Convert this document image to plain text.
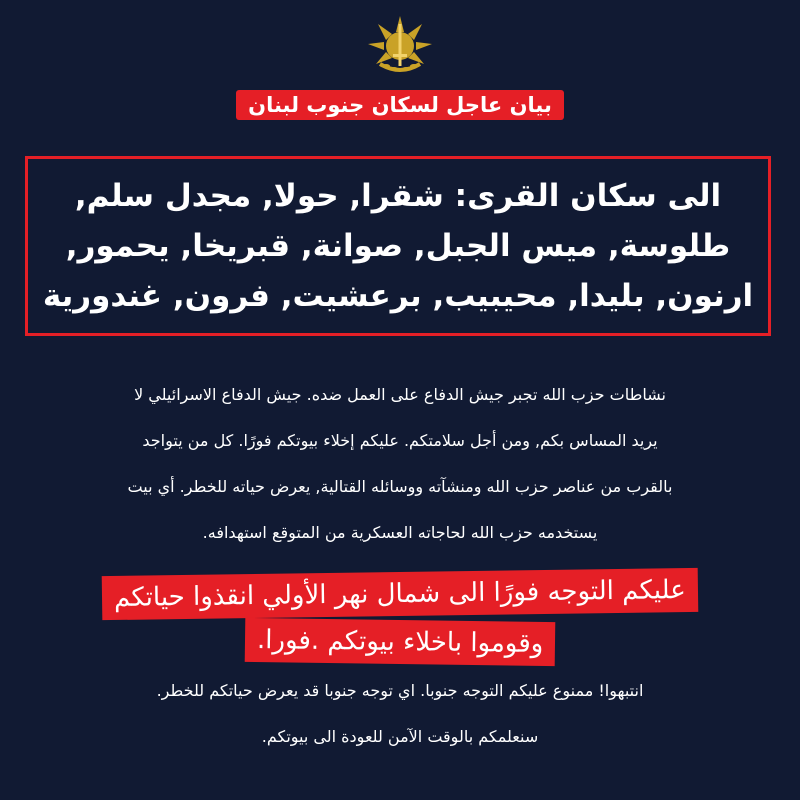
بيان عاجل لسكان جنوب لبنان
الى سكان القرى: شقرا, حولا, مجدل سلم, طلوسة, ميس الجبل, صوانة, قبريخا, يحمور, ارنون, بليدا, محيبيب, برعشيت, فرون, غندورية

نشاطات حزب الله تجبر جيش الدفاع على العمل ضده. جيش الدفاع الاسرائيلي لا

يريد المساس بكم, ومن أجل سلامتكم. عليكم إخلاء بيوتكم فورًا. كل من يتواجد

بالقرب من عناصر حزب الله ومنشآته ووسائله القتالية, يعرض حياته للخطر. أي بيت

يستخدمه حزب الله لحاجاته العسكرية من المتوقع استهدافه.

عليكم التوجه فورًا الى شمال نهر الأولي انقذوا حياتكم
وقوموا باخلاء بيوتكم .فورا.

انتبهوا! ممنوع عليكم التوجه جنوبا. اي توجه جنوبا قد يعرض حياتكم للخطر.

سنعلمكم بالوقت الآمن للعودة الى بيوتكم.
